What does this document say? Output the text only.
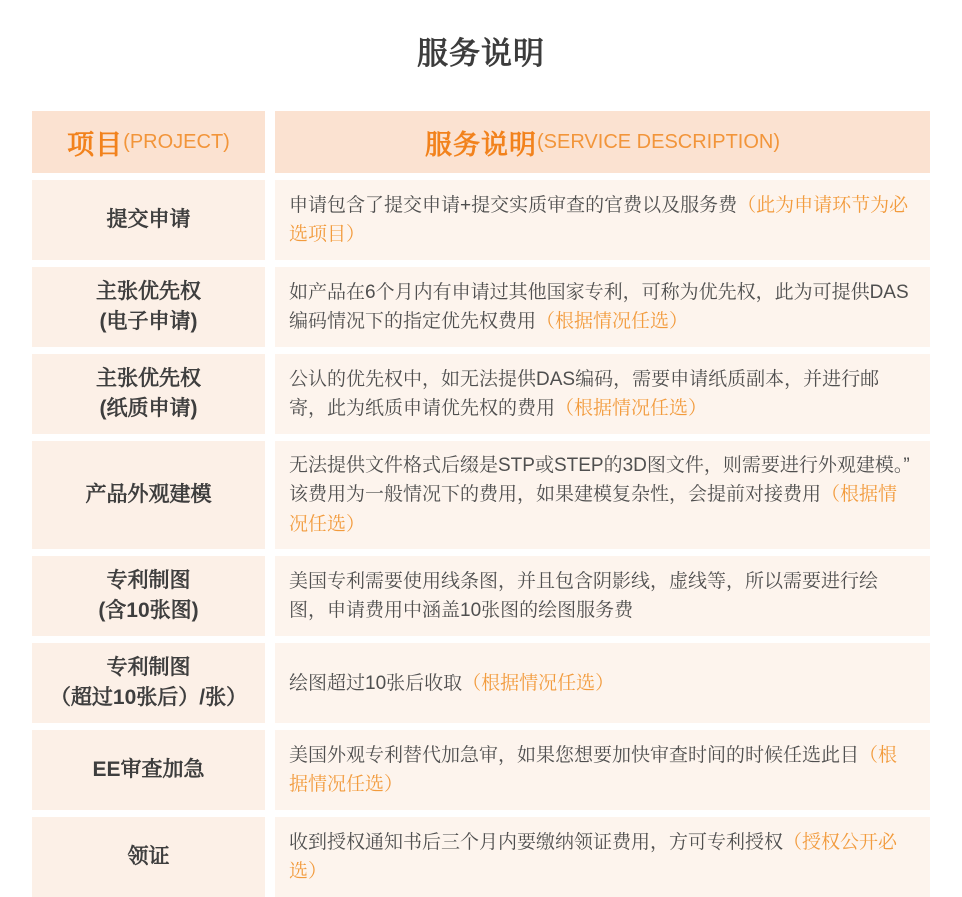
服务说明
项目 (PROJECT)	服务说明 (SERVICE DESCRIPTION)

提交申请

申请包含了提交申请+提交实质审查的官费以及服务费（此为申请环节为必选项目）

主张优先权
(电子申请)

如产品在6个月内有申请过其他国家专利，可称为优先权，此为可提供DAS编码情况下的指定优先权费用（根据情况任选）

主张优先权
(纸质申请)

公认的优先权中，如无法提供DAS编码，需要申请纸质副本，并进行邮寄，此为纸质申请优先权的费用（根据情况任选）

产品外观建模

无法提供文件格式后缀是STP或STEP的3D图文件，则需要进行外观建模。”该费用为一般情况下的费用，如果建模复杂性，会提前对接费用（根据情况任选）

专利制图
(含10张图)

美国专利需要使用线条图，并且包含阴影线，虚线等，所以需要进行绘图，申请费用中涵盖10张图的绘图服务费

专利制图
（超过10张后）/张）

绘图超过10张后收取（根据情况任选）

EE审查加急

美国外观专利替代加急审，如果您想要加快审查时间的时候任选此目（根据情况任选）

领证

收到授权通知书后三个月内要缴纳领证费用，方可专利授权（授权公开必选）
